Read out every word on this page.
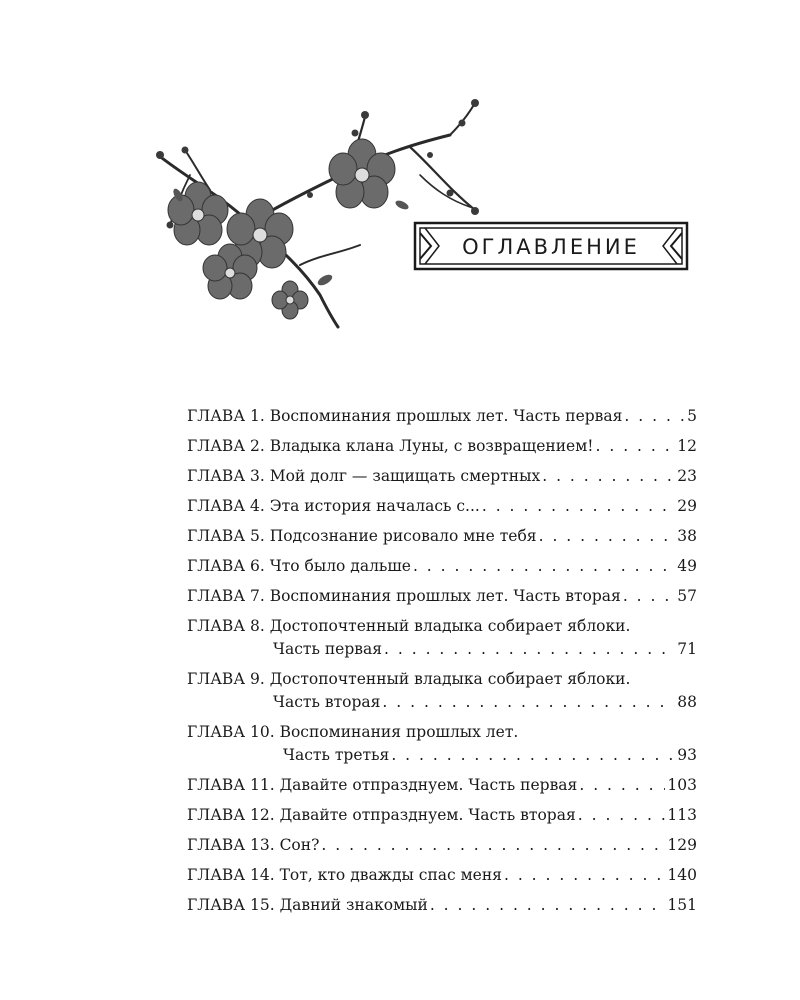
ОГЛАВЛЕНИЕ
ГЛАВА 1. Воспоминания прошлых лет. Часть первая . . .	5
ГЛАВА 2. Владыка клана Луны, с возвращением! . . .	12
ГЛАВА 3. Мой долг — защищать смертных . . .	23
ГЛАВА 4. Эта история началась с... . . .	29
ГЛАВА 5. Подсознание рисовало мне тебя . . .	38
ГЛАВА 6. Что было дальше . . .	49
ГЛАВА 7. Воспоминания прошлых лет. Часть вторая . . .	57
ГЛАВА 8. Достопочтенный владыка собирает яблоки.
Часть первая . . .	71
ГЛАВА 9. Достопочтенный владыка собирает яблоки.
Часть вторая . . .	88
ГЛАВА 10. Воспоминания прошлых лет.
Часть третья . . .	93
ГЛАВА 11. Давайте отпразднуем. Часть первая . . .	103
ГЛАВА 12. Давайте отпразднуем. Часть вторая . . .	113
ГЛАВА 13. Сон? . . .	129
ГЛАВА 14. Тот, кто дважды спас меня . . .	140
ГЛАВА 15. Давний знакомый . . .	151
